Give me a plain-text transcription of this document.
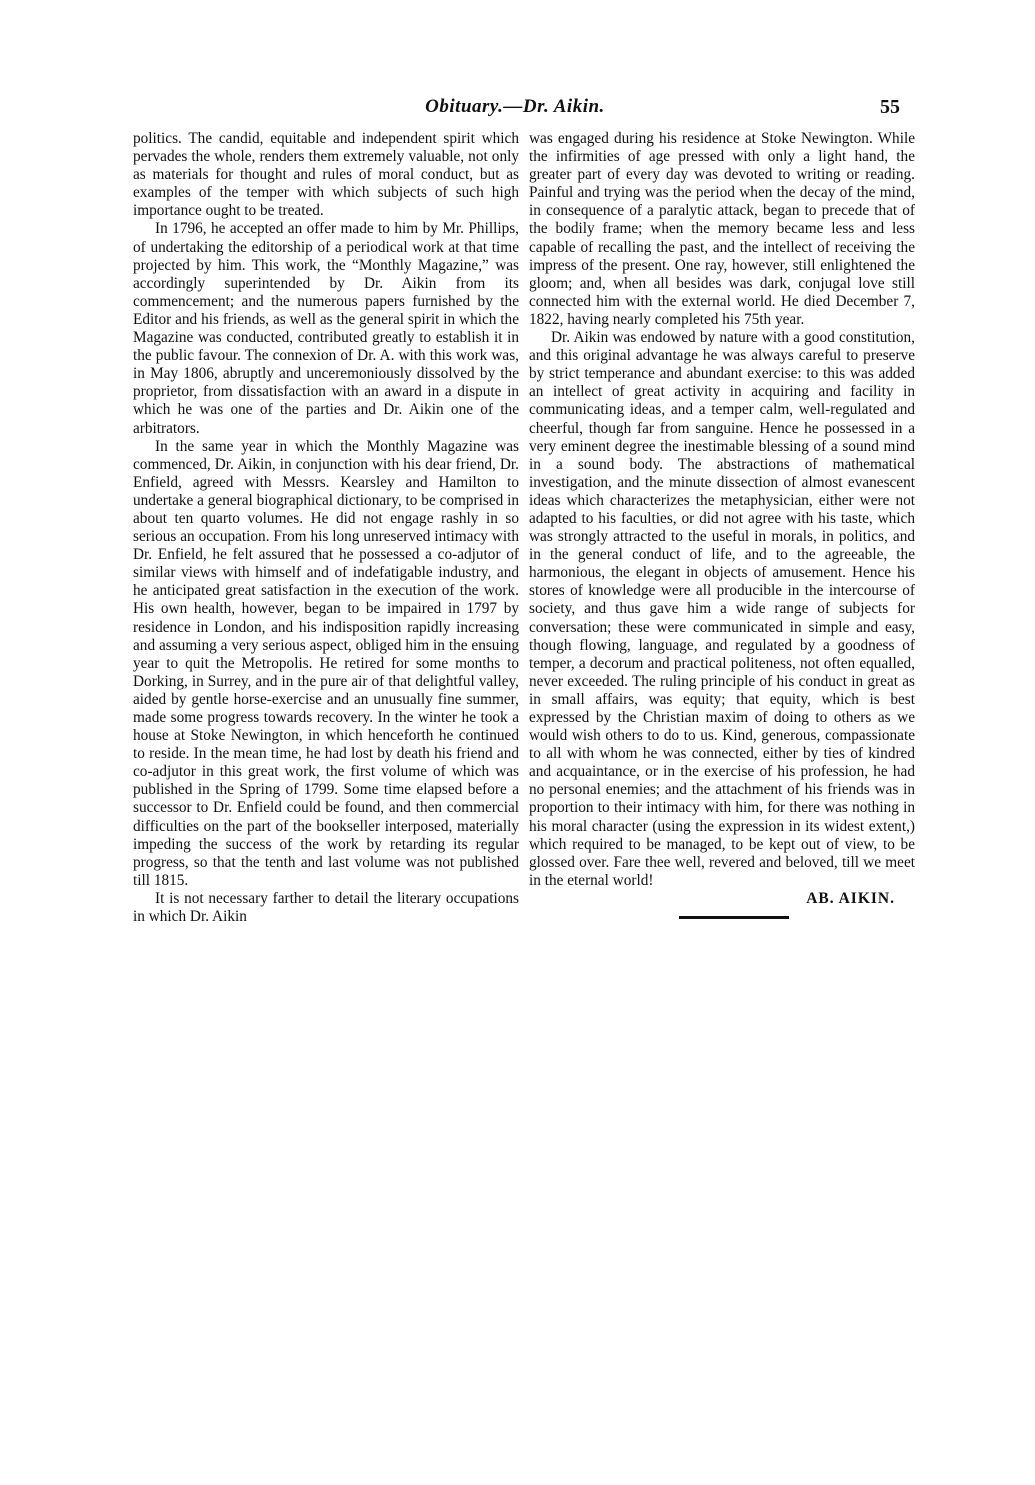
Obituary.—Dr. Aikin.	55

politics. The candid, equitable and independent spirit which pervades the whole, renders them extremely valuable, not only as materials for thought and rules of moral conduct, but as examples of the temper with which subjects of such high importance ought to be treated.

In 1796, he accepted an offer made to him by Mr. Phillips, of undertaking the editorship of a periodical work at that time projected by him. This work, the “Monthly Magazine,” was accordingly superintended by Dr. Aikin from its commencement; and the numerous papers furnished by the Editor and his friends, as well as the general spirit in which the Magazine was conducted, contributed greatly to establish it in the public favour. The connexion of Dr. A. with this work was, in May 1806, abruptly and unceremoniously dissolved by the proprietor, from dissatisfaction with an award in a dispute in which he was one of the parties and Dr. Aikin one of the arbitrators.

In the same year in which the Monthly Magazine was commenced, Dr. Aikin, in conjunction with his dear friend, Dr. Enfield, agreed with Messrs. Kearsley and Hamilton to undertake a general biographical dictionary, to be comprised in about ten quarto volumes. He did not engage rashly in so serious an occupation. From his long unreserved intimacy with Dr. Enfield, he felt assured that he possessed a co-adjutor of similar views with himself and of indefatigable industry, and he anticipated great satisfaction in the execution of the work. His own health, however, began to be impaired in 1797 by residence in London, and his indisposition rapidly increasing and assuming a very serious aspect, obliged him in the ensuing year to quit the Metropolis. He retired for some months to Dorking, in Surrey, and in the pure air of that delightful valley, aided by gentle horse-exercise and an unusually fine summer, made some progress towards recovery. In the winter he took a house at Stoke Newington, in which henceforth he continued to reside. In the mean time, he had lost by death his friend and co-adjutor in this great work, the first volume of which was published in the Spring of 1799. Some time elapsed before a successor to Dr. Enfield could be found, and then commercial difficulties on the part of the bookseller interposed, materially impeding the success of the work by retarding its regular progress, so that the tenth and last volume was not published till 1815.

It is not necessary farther to detail the literary occupations in which Dr. Aikin

was engaged during his residence at Stoke Newington. While the infirmities of age pressed with only a light hand, the greater part of every day was devoted to writing or reading. Painful and trying was the period when the decay of the mind, in consequence of a paralytic attack, began to precede that of the bodily frame; when the memory became less and less capable of recalling the past, and the intellect of receiving the impress of the present. One ray, however, still enlightened the gloom; and, when all besides was dark, conjugal love still connected him with the external world. He died December 7, 1822, having nearly completed his 75th year.

Dr. Aikin was endowed by nature with a good constitution, and this original advantage he was always careful to preserve by strict temperance and abundant exercise: to this was added an intellect of great activity in acquiring and facility in communicating ideas, and a temper calm, well-regulated and cheerful, though far from sanguine. Hence he possessed in a very eminent degree the inestimable blessing of a sound mind in a sound body. The abstractions of mathematical investigation, and the minute dissection of almost evanescent ideas which characterizes the metaphysician, either were not adapted to his faculties, or did not agree with his taste, which was strongly attracted to the useful in morals, in politics, and in the general conduct of life, and to the agreeable, the harmonious, the elegant in objects of amusement. Hence his stores of knowledge were all producible in the intercourse of society, and thus gave him a wide range of subjects for conversation; these were communicated in simple and easy, though flowing, language, and regulated by a goodness of temper, a decorum and practical politeness, not often equalled, never exceeded. The ruling principle of his conduct in great as in small affairs, was equity; that equity, which is best expressed by the Christian maxim of doing to others as we would wish others to do to us. Kind, generous, compassionate to all with whom he was connected, either by ties of kindred and acquaintance, or in the exercise of his profession, he had no personal enemies; and the attachment of his friends was in proportion to their intimacy with him, for there was nothing in his moral character (using the expression in its widest extent,) which required to be managed, to be kept out of view, to be glossed over. Fare thee well, revered and beloved, till we meet in the eternal world!

AB. AIKIN.
